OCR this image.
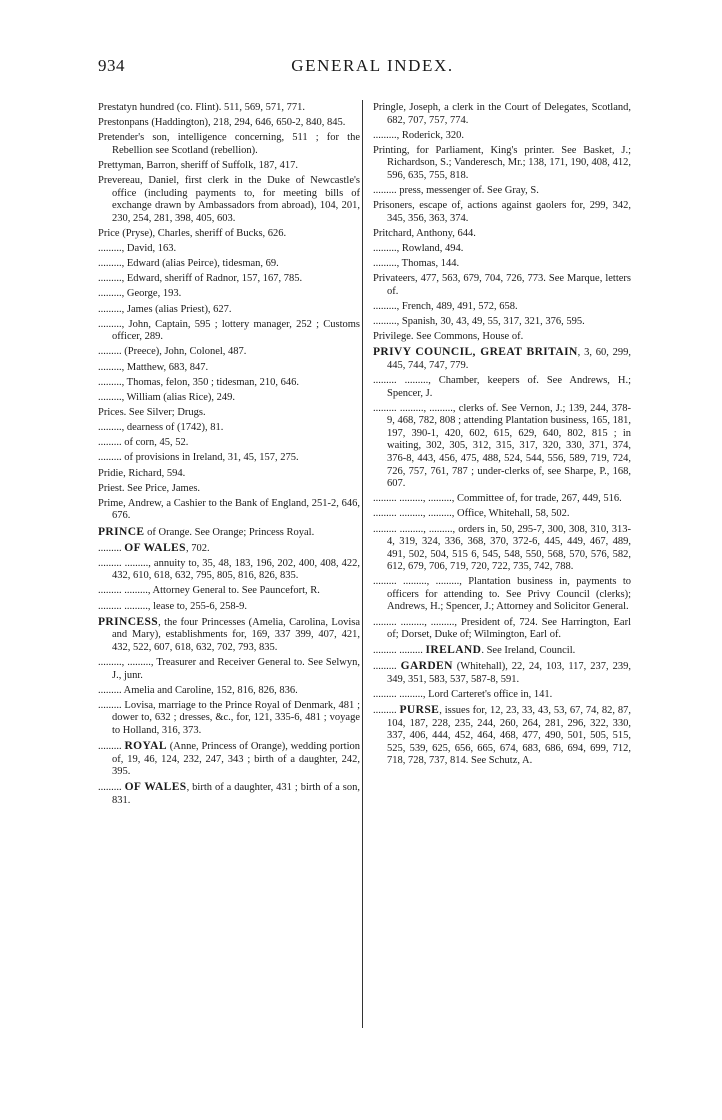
934	GENERAL INDEX.
Prestatyn hundred (co. Flint). 511, 569, 571, 771.
Prestonpans (Haddington), 218, 294, 646, 650-2, 840, 845.
Pretender's son, intelligence concerning, 511 ; for the Rebellion see Scotland (rebellion).
Prettyman, Barron, sheriff of Suffolk, 187, 417.
Prevereau, Daniel, first clerk in the Duke of Newcastle's office (including payments to, for meeting bills of exchange drawn by Ambassadors from abroad), 104, 201, 230, 254, 281, 398, 405, 603.
Price (Pryse), Charles, sheriff of Bucks, 626.
........., David, 163.
........., Edward (alias Peirce), tidesman, 69.
........., Edward, sheriff of Radnor, 157, 167, 785.
........., George, 193.
........., James (alias Priest), 627.
........., John, Captain, 595 ; lottery manager, 252 ; Customs officer, 289.
......... (Preece), John, Colonel, 487.
........., Matthew, 683, 847.
........., Thomas, felon, 350 ; tidesman, 210, 646.
........., William (alias Rice), 249.
Prices. See Silver; Drugs.
........., dearness of (1742), 81.
......... of corn, 45, 52.
......... of provisions in Ireland, 31, 45, 157, 275.
Pridie, Richard, 594.
Priest. See Price, James.
Prime, Andrew, a Cashier to the Bank of England, 251-2, 646, 676.
PRINCE of Orange. See Orange; Princess Royal.
......... OF WALES, 702.
......... ........., annuity to, 35, 48, 183, 196, 202, 400, 408, 422, 432, 610, 618, 632, 795, 805, 816, 826, 835.
......... ........., Attorney General to. See Pauncefort, R.
......... ........., lease to, 255-6, 258-9.
PRINCESS, the four Princesses (Amelia, Carolina, Lovisa and Mary), establishments for, 169, 337 399, 407, 421, 432, 522, 607, 618, 632, 702, 793, 835.
........., ........., Treasurer and Receiver General to. See Selwyn, J., junr.
......... Amelia and Caroline, 152, 816, 826, 836.
......... Lovisa, marriage to the Prince Royal of Denmark, 481 ; dower to, 632 ; dresses, &c., for, 121, 335-6, 481 ; voyage to Holland, 316, 373.
......... ROYAL (Anne, Princess of Orange), wedding portion of, 19, 46, 124, 232, 247, 343 ; birth of a daughter, 242, 395.
......... OF WALES, birth of a daughter, 431 ; birth of a son, 831.
Pringle, Joseph, a clerk in the Court of Delegates, Scotland, 682, 707, 757, 774.
........., Roderick, 320.
Printing, for Parliament, King's printer. See Basket, J.; Richardson, S.; Vanderesch, Mr.; 138, 171, 190, 408, 412, 596, 635, 755, 818.
......... press, messenger of. See Gray, S.
Prisoners, escape of, actions against gaolers for, 299, 342, 345, 356, 363, 374.
Pritchard, Anthony, 644.
........., Rowland, 494.
........., Thomas, 144.
Privateers, 477, 563, 679, 704, 726, 773. See Marque, letters of.
........., French, 489, 491, 572, 658.
........., Spanish, 30, 43, 49, 55, 317, 321, 376, 595.
Privilege. See Commons, House of.
PRIVY COUNCIL, GREAT BRITAIN, 3, 60, 299, 445, 744, 747, 779.
......... ........., Chamber, keepers of. See Andrews, H.; Spencer, J.
......... ........., ........., clerks of. See Vernon, J.; 139, 244, 378-9, 468, 782, 808 ; attending Plantation business, 165, 181, 197, 390-1, 420, 602, 615, 629, 640, 802, 815 ; in waiting, 302, 305, 312, 315, 317, 320, 330, 371, 374, 376-8, 443, 456, 475, 488, 524, 544, 556, 589, 719, 724, 726, 757, 761, 787 ; under-clerks of, see Sharpe, P., 168, 607.
......... ........., ........., Committee of, for trade, 267, 449, 516.
......... ........., ........., Office, Whitehall, 58, 502.
......... ........., ........., orders in, 50, 295-7, 300, 308, 310, 313-4, 319, 324, 336, 368, 370, 372-6, 445, 449, 467, 489, 491, 502, 504, 515 6, 545, 548, 550, 568, 570, 576, 582, 612, 679, 706, 719, 720, 722, 735, 742, 788.
......... ........., ........., Plantation business in, payments to officers for attending to. See Privy Council (clerks); Andrews, H.; Spencer, J.; Attorney and Solicitor General.
......... ........., ........., President of, 724. See Harrington, Earl of; Dorset, Duke of; Wilmington, Earl of.
......... ......... IRELAND. See Ireland, Council.
......... GARDEN (Whitehall), 22, 24, 103, 117, 237, 239, 349, 351, 583, 537, 587-8, 591.
......... ........., Lord Carteret's office in, 141.
......... PURSE, issues for, 12, 23, 33, 43, 53, 67, 74, 82, 87, 104, 187, 228, 235, 244, 260, 264, 281, 296, 322, 330, 337, 406, 444, 452, 464, 468, 477, 490, 501, 505, 515, 525, 539, 625, 656, 665, 674, 683, 686, 694, 699, 712, 718, 728, 737, 814. See Schutz, A.
